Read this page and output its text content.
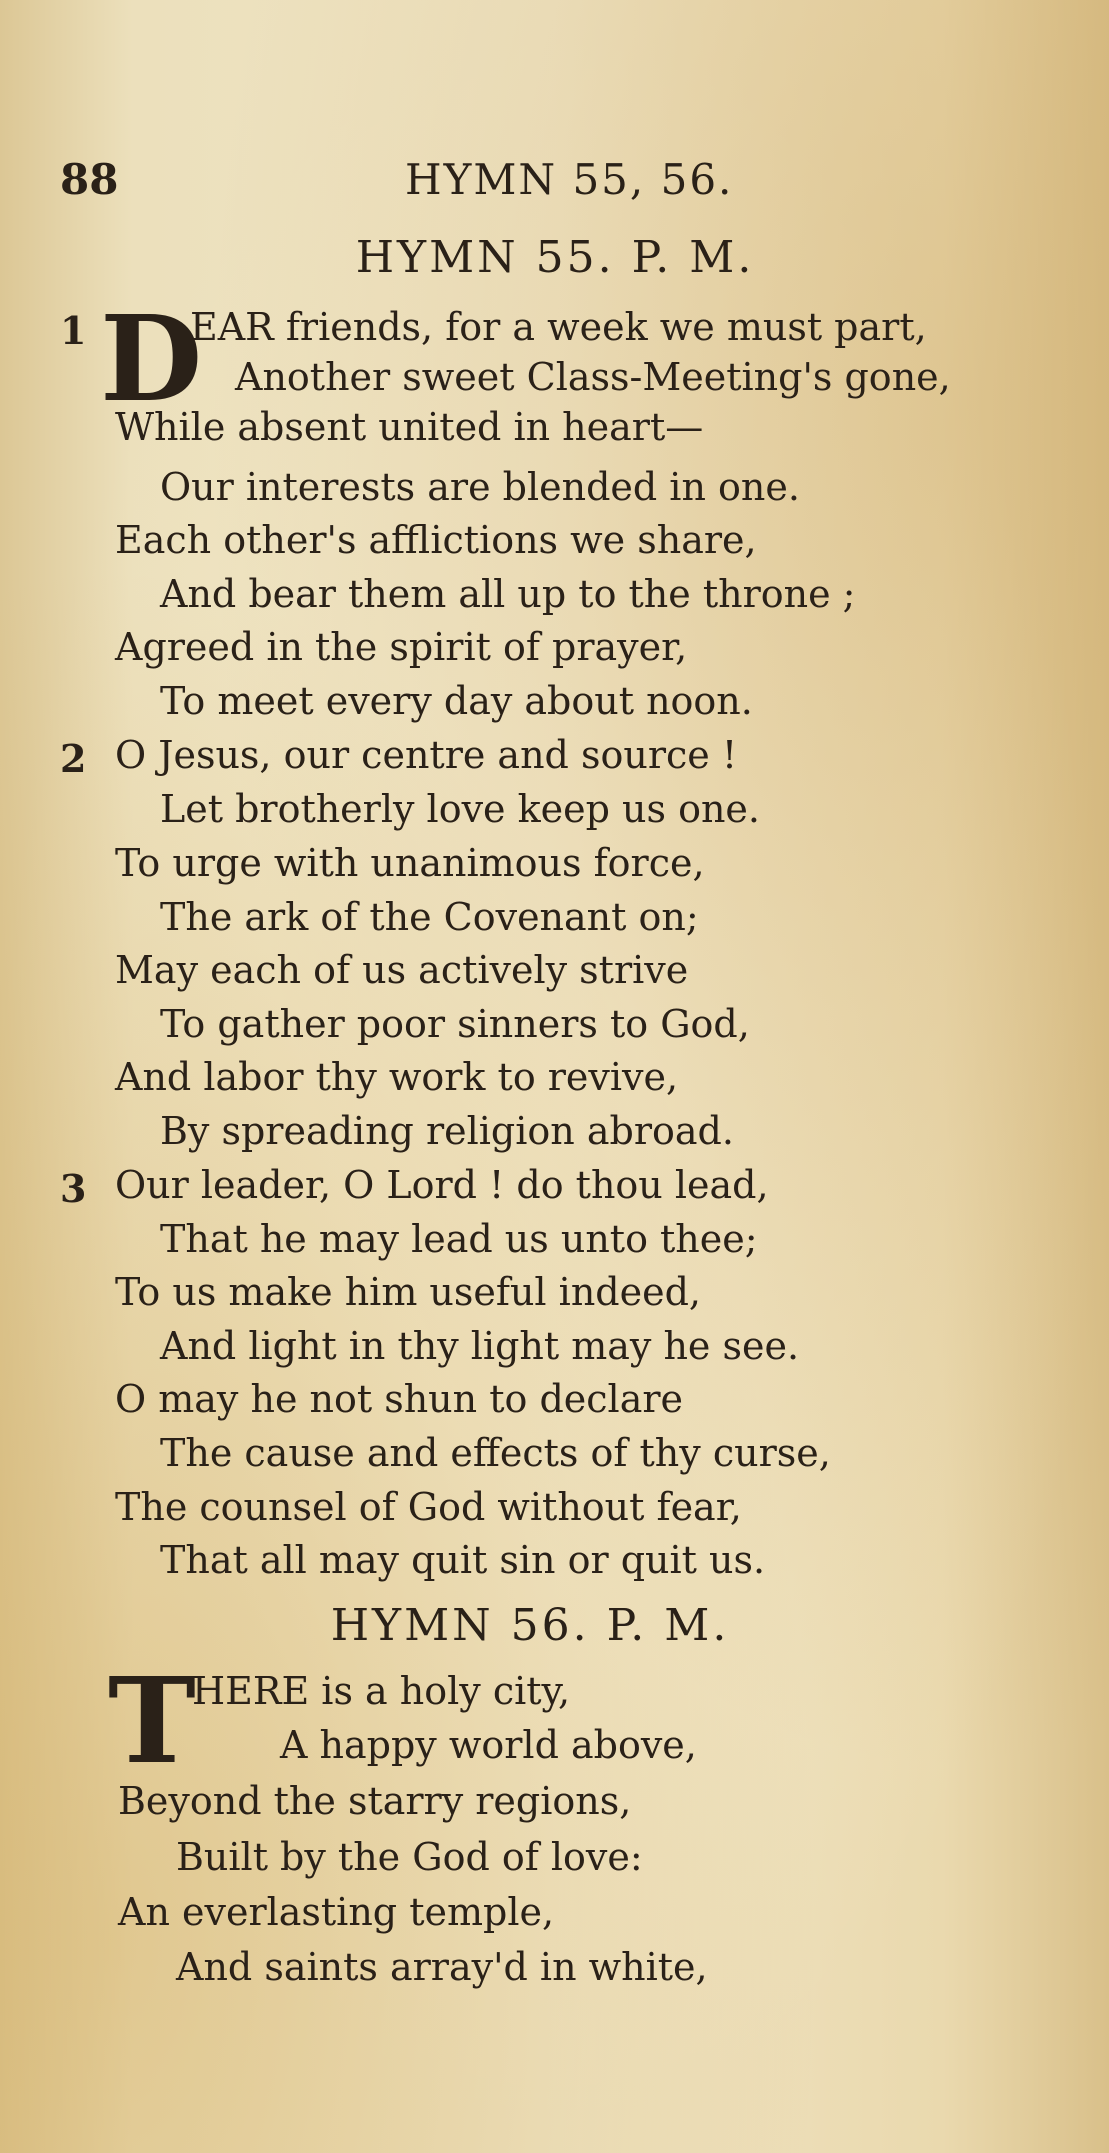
88	HYMN 55, 56.
HYMN 55. P. M.
1 D
EAR friends, for a week we must part,
Another sweet Class-Meeting's gone,
While absent united in heart—
Our interests are blended in one.
Each other's afflictions we share,
And bear them all up to the throne ;
Agreed in the spirit of prayer,
To meet every day about noon.
2 O Jesus, our centre and source !
Let brotherly love keep us one.
To urge with unanimous force,
The ark of the Covenant on;
May each of us actively strive
To gather poor sinners to God,
And labor thy work to revive,
By spreading religion abroad.
3 Our leader, O Lord ! do thou lead,
That he may lead us unto thee;
To us make him useful indeed,
And light in thy light may he see.
O may he not shun to declare
The cause and effects of thy curse,
The counsel of God without fear,
That all may quit sin or quit us.
HYMN 56. P. M.
T
HERE is a holy city,
A happy world above,
Beyond the starry regions,
Built by the God of love:
An everlasting temple,
And saints array'd in white,
